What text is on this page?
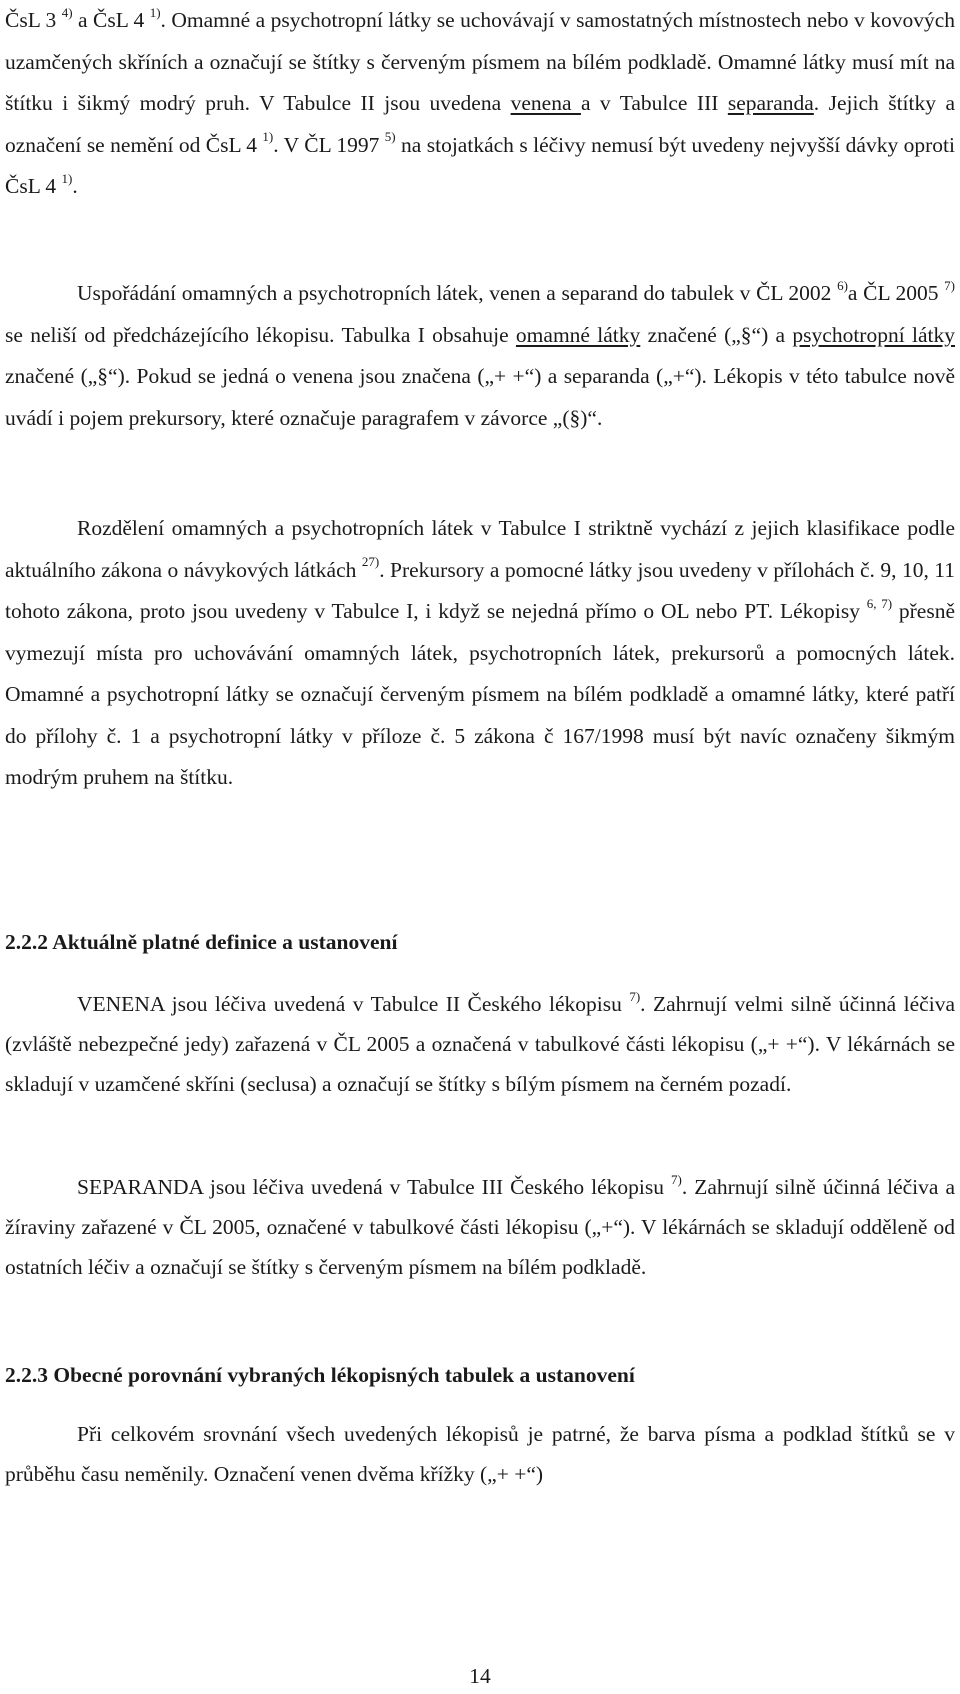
ČsL 3 $^{4)}$ a ČsL 4 $^{1)}$. Omamné a psychotropní látky se uchovávají v samostatných místnostech nebo v kovových uzamčených skříních a označují se štítky s červeným písmem na bílém podkladě. Omamné látky musí mít na štítku i šikmý modrý pruh. V Tabulce II jsou uvedena venena a v Tabulce III separanda. Jejich štítky a označení se nemění od ČsL 4 $^{1)}$. V ČL 1997 $^{5)}$ na stojatkách s léčivy nemusí být uvedeny nejvyšší dávky oproti ČsL 4 $^{1)}$.

Uspořádání omamných a psychotropních látek, venen a separand do tabulek v ČL 2002 $^{6)}$a ČL 2005 $^{7)}$ se neliší od předcházejícího lékopisu. Tabulka I obsahuje omamné látky značené („§“) a psychotropní látky značené („§“). Pokud se jedná o venena jsou značena („+ +“) a separanda („+“). Lékopis v této tabulce nově uvádí i pojem prekursory, které označuje paragrafem v závorce „(§)“.

Rozdělení omamných a psychotropních látek v Tabulce I striktně vychází z jejich klasifikace podle aktuálního zákona o návykových látkách $^{27)}$. Prekursory a pomocné látky jsou uvedeny v přílohách č. 9, 10, 11 tohoto zákona, proto jsou uvedeny v Tabulce I, i když se nejedná přímo o OL nebo PT. Lékopisy $^{6, 7)}$ přesně vymezují místa pro uchovávání omamných látek, psychotropních látek, prekursorů a pomocných látek. Omamné a psychotropní látky se označují červeným písmem na bílém podkladě a omamné látky, které patří do přílohy č. 1 a psychotropní látky v příloze č. 5 zákona č 167/1998 musí být navíc označeny šikmým modrým pruhem na štítku.

2.2.2 Aktuálně platné definice a ustanovení

VENENA jsou léčiva uvedená v Tabulce II Českého lékopisu $^{7)}$. Zahrnují velmi silně účinná léčiva (zvláště nebezpečné jedy) zařazená v ČL 2005 a označená v tabulkové části lékopisu („+ +“). V lékárnách se skladují v uzamčené skříni (seclusa) a označují se štítky s bílým písmem na černém pozadí.

SEPARANDA jsou léčiva uvedená v Tabulce III Českého lékopisu $^{7)}$. Zahrnují silně účinná léčiva a žíraviny zařazené v ČL 2005, označené v tabulkové části lékopisu („+“). V lékárnách se skladují odděleně od ostatních léčiv a označují se štítky s červeným písmem na bílém podkladě.

2.2.3 Obecné porovnání vybraných lékopisných tabulek a ustanovení

Při celkovém srovnání všech uvedených lékopisů je patrné, že barva písma a podklad štítků se v průběhu času neměnily. Označení venen dvěma křížky („+ +“)

14
